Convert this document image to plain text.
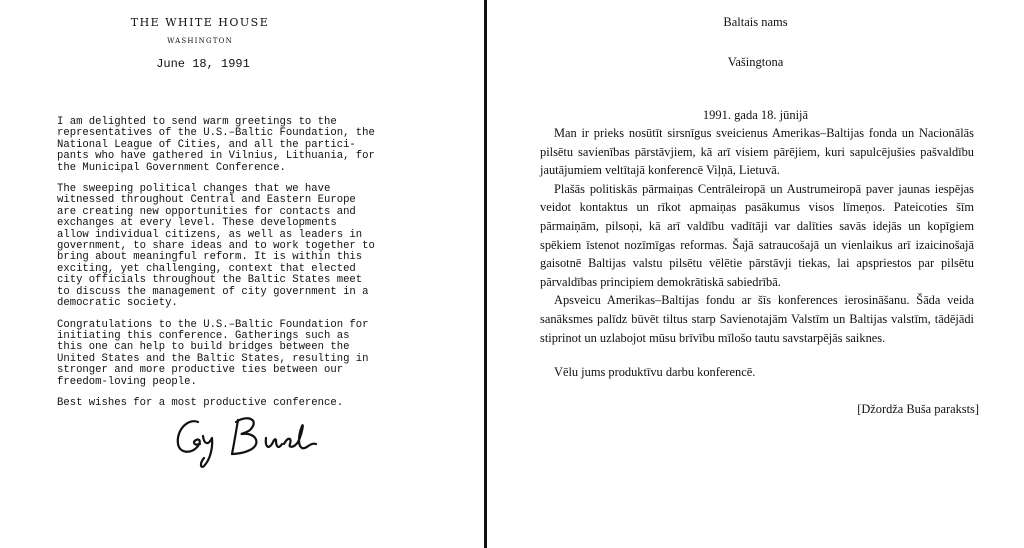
THE WHITE HOUSE
WASHINGTON
June 18, 1991

I am delighted to send warm greetings to the
representatives of the U.S.–Baltic Foundation, the
National League of Cities, and all the partici-
pants who have gathered in Vilnius, Lithuania, for
the Municipal Government Conference.

The sweeping political changes that we have
witnessed throughout Central and Eastern Europe
are creating new opportunities for contacts and
exchanges at every level. These developments
allow individual citizens, as well as leaders in
government, to share ideas and to work together to
bring about meaningful reform. It is within this
exciting, yet challenging, context that elected
city officials throughout the Baltic States meet
to discuss the management of city government in a
democratic society.

Congratulations to the U.S.–Baltic Foundation for
initiating this conference. Gatherings such as
this one can help to build bridges between the
United States and the Baltic States, resulting in
stronger and more productive ties between our
freedom-loving people.

Best wishes for a most productive conference.

Baltais nams
Vašingtona
1991. gada 18. jūnijā

Man ir prieks nosūtīt sirsnīgus sveicienus Amerikas–Baltijas fonda un Nacionālās pilsētu savienības pārstāvjiem, kā arī visiem pārējiem, kuri sapulcējušies pašvaldību jautājumiem veltītajā konferencē Viļņā, Lietuvā.

Plašās politiskās pārmaiņas Centrāleiropā un Austrumeiropā paver jaunas iespējas veidot kontaktus un rīkot apmaiņas pasākumus visos līmeņos. Pateicoties šīm pārmaiņām, pilsoņi, kā arī valdību vadītāji var dalīties savās idejās un kopīgiem spēkiem īstenot nozīmīgas reformas. Šajā satraucošajā un vienlaikus arī izaicinošajā gaisotnē Baltijas valstu pilsētu vēlētie pārstāvji tiekas, lai apspriestos par pilsētu pārvaldības principiem demokrātiskā sabiedrībā.

Apsveicu Amerikas–Baltijas fondu ar šīs konferences ierosināšanu. Šāda veida sanāksmes palīdz būvēt tiltus starp Savienotajām Valstīm un Baltijas valstīm, tādējādi stiprinot un uzlabojot mūsu brīvību mīlošo tautu savstarpējās saiknes.

Vēlu jums produktīvu darbu konferencē.

[Džordža Buša paraksts]
